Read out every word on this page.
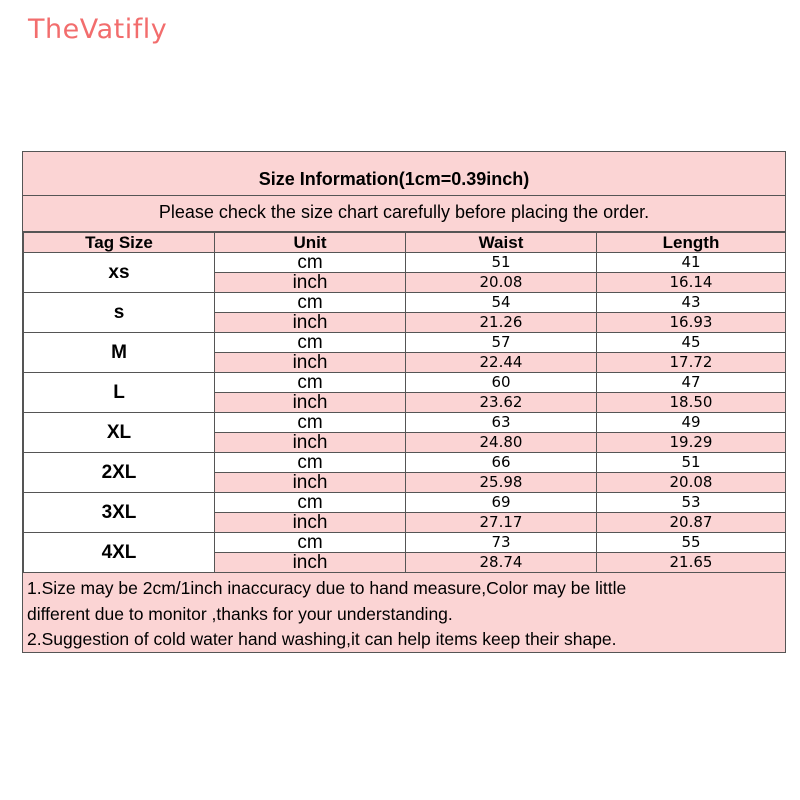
TheVatifly
Size Information(1cm=0.39inch)
Please check the size chart carefully before placing the order.
Tag Size	Unit	Waist	Length
xs	cm	51	41
	inch	20.08	16.14
s	cm	54	43
	inch	21.26	16.93
M	cm	57	45
	inch	22.44	17.72
L	cm	60	47
	inch	23.62	18.50
XL	cm	63	49
	inch	24.80	19.29
2XL	cm	66	51
	inch	25.98	20.08
3XL	cm	69	53
	inch	27.17	20.87
4XL	cm	73	55
	inch	28.74	21.65
1.Size may be 2cm/1inch inaccuracy due to hand measure,Color may be little
different due to monitor ,thanks for your understanding.
2.Suggestion of cold water hand washing,it can help items keep their shape.
